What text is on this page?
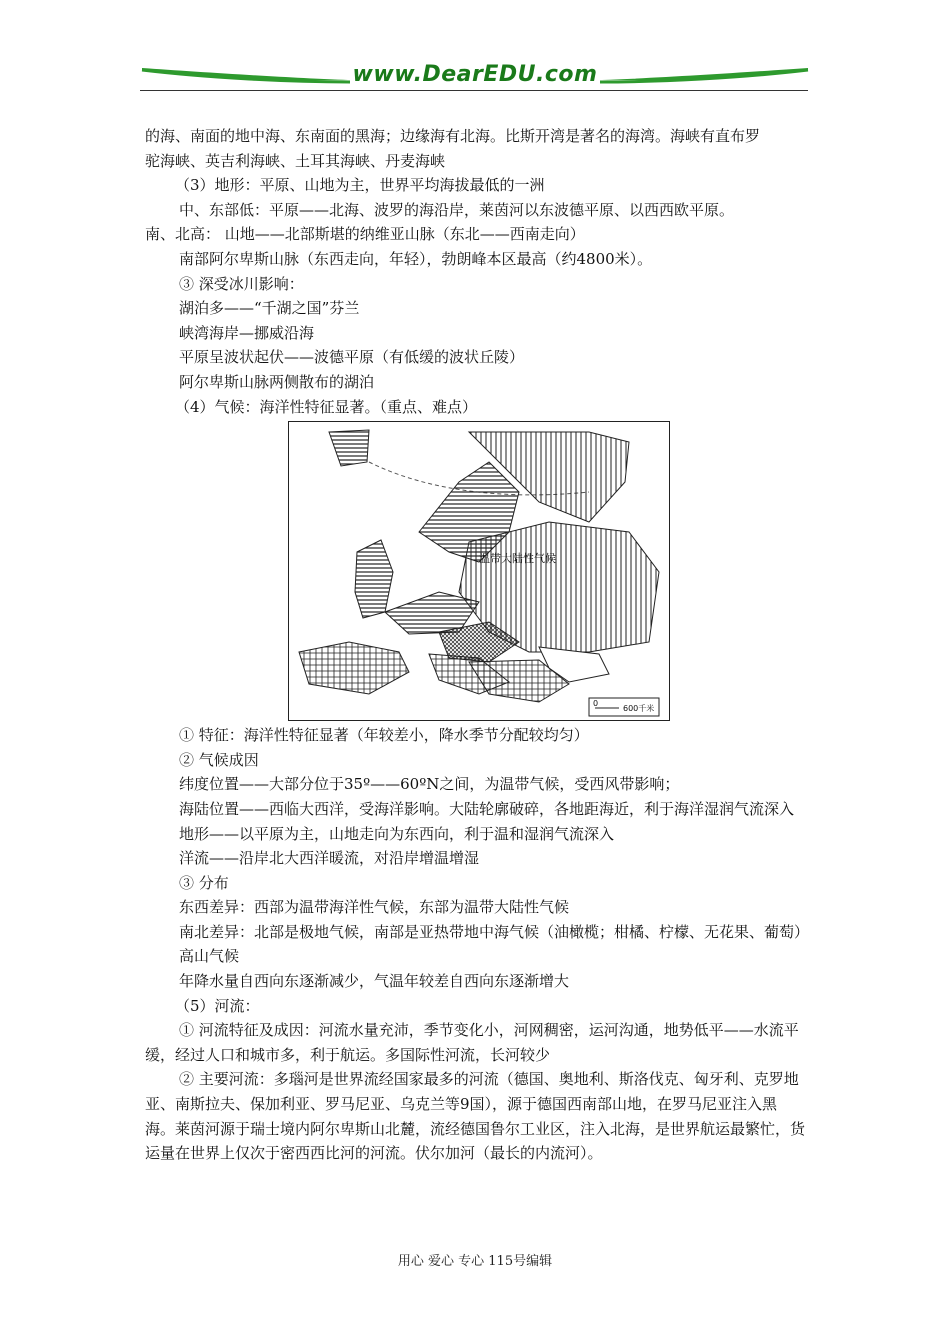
www.DearEDU.com

的海、南面的地中海、东南面的黑海；边缘海有北海。比斯开湾是著名的海湾。海峡有直布罗

驼海峡、英吉利海峡、土耳其海峡、丹麦海峡

（3）地形：平原、山地为主，世界平均海拔最低的一洲

中、东部低：平原——北海、波罗的海沿岸，莱茵河以东波德平原、以西西欧平原。

南、北高： 山地——北部斯堪的纳维亚山脉（东北——西南走向）

南部阿尔卑斯山脉（东西走向，年轻），勃朗峰本区最高（约4800米）。

③ 深受冰川影响：

湖泊多——“千湖之国”芬兰

峡湾海岸—挪威沿海

平原呈波状起伏——波德平原（有低缓的波状丘陵）

阿尔卑斯山脉两侧散布的湖泊

（4）气候：海洋性特征显著。（重点、难点）

温带大陆性气候
0
600千米

① 特征：海洋性特征显著（年较差小，降水季节分配较均匀）

② 气候成因

纬度位置——大部分位于35º——60ºN之间，为温带气候，受西风带影响；

海陆位置——西临大西洋，受海洋影响。大陆轮廓破碎，各地距海近，利于海洋湿润气流深入

地形——以平原为主，山地走向为东西向，利于温和湿润气流深入

洋流——沿岸北大西洋暖流，对沿岸增温增湿

③ 分布

东西差异：西部为温带海洋性气候，东部为温带大陆性气候

南北差异：北部是极地气候，南部是亚热带地中海气候（油橄榄；柑橘、柠檬、无花果、葡萄）

高山气候

年降水量自西向东逐渐减少，气温年较差自西向东逐渐增大

（5）河流：

① 河流特征及成因：河流水量充沛，季节变化小，河网稠密，运河沟通，地势低平——水流平缓，经过人口和城市多，利于航运。多国际性河流，长河较少

② 主要河流：多瑙河是世界流经国家最多的河流（德国、奥地利、斯洛伐克、匈牙利、克罗地亚、南斯拉夫、保加利亚、罗马尼亚、乌克兰等9国），源于德国西南部山地，在罗马尼亚注入黑海。莱茵河源于瑞士境内阿尔卑斯山北麓，流经德国鲁尔工业区，注入北海，是世界航运最繁忙，货运量在世界上仅次于密西西比河的河流。伏尔加河（最长的内流河）。

用心 爱心 专心 115号编辑
